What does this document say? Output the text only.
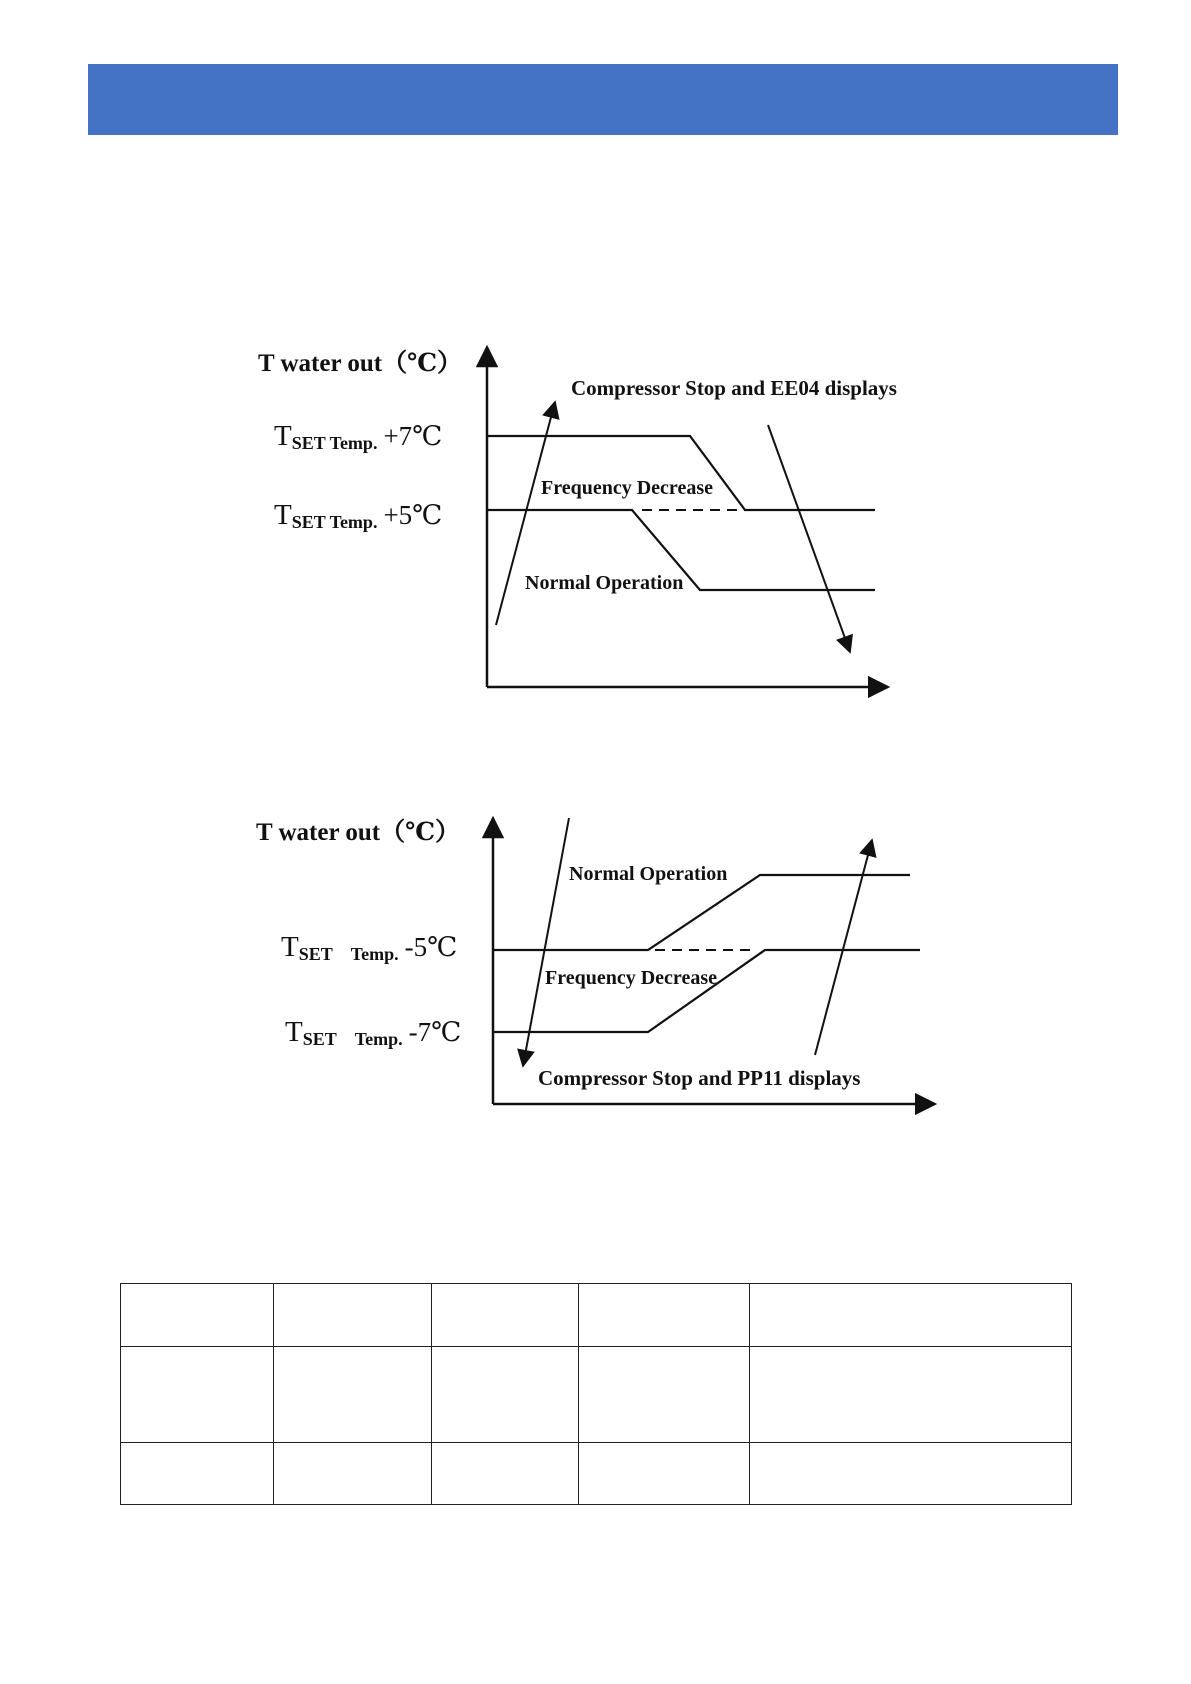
T water out（℃）
TSET Temp. +7℃
TSET Temp. +5℃
Compressor Stop and EE04 displays
Frequency Decrease
Normal Operation
T water out（℃）
TSET Temp. -5℃
TSET Temp. -7℃
Normal Operation
Frequency Decrease
Compressor Stop and PP11 displays
